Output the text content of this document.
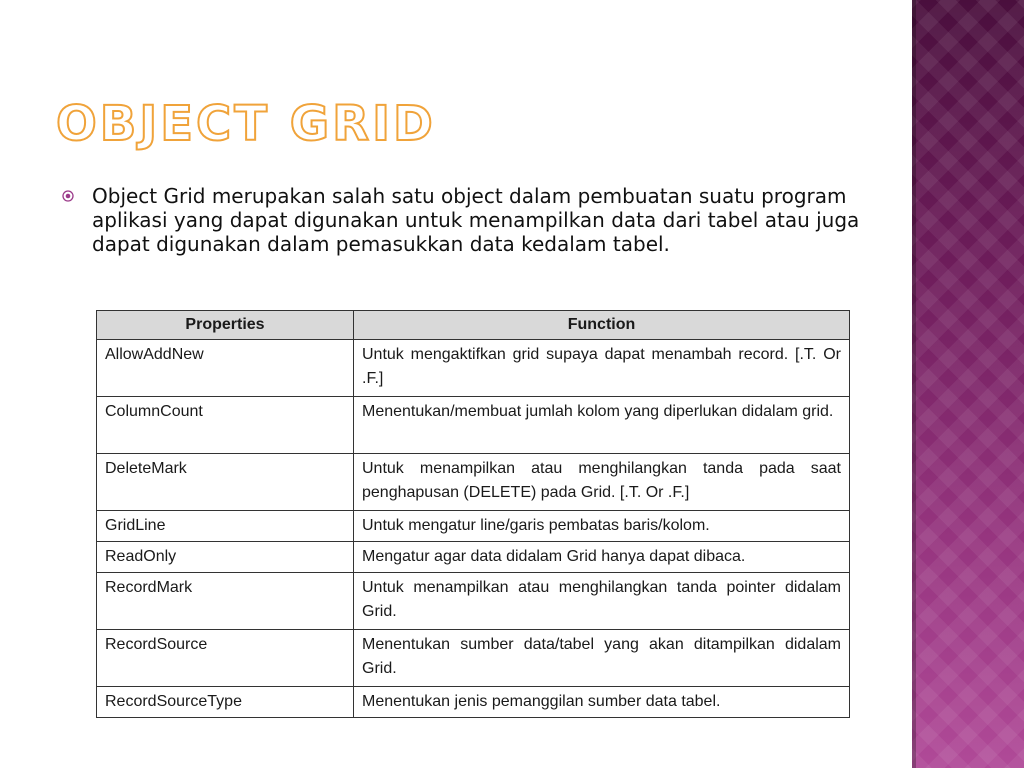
OBJECT GRID

Object Grid merupakan salah satu object dalam pembuatan suatu program aplikasi yang dapat digunakan untuk menampilkan data dari tabel atau juga dapat digunakan dalam pemasukkan data kedalam tabel.

Properties	Function
AllowAddNew	Untuk mengaktifkan grid supaya dapat menambah record. [.T. Or .F.]
ColumnCount	Menentukan/membuat jumlah kolom yang diperlukan didalam grid.
DeleteMark	Untuk menampilkan atau menghilangkan tanda pada saat penghapusan (DELETE) pada Grid. [.T. Or .F.]
GridLine	Untuk mengatur line/garis pembatas baris/kolom.
ReadOnly	Mengatur agar data didalam Grid hanya dapat dibaca.
RecordMark	Untuk menampilkan atau menghilangkan tanda pointer didalam Grid.
RecordSource	Menentukan sumber data/tabel yang akan ditampilkan didalam Grid.
RecordSourceType	Menentukan jenis pemanggilan sumber data tabel.
